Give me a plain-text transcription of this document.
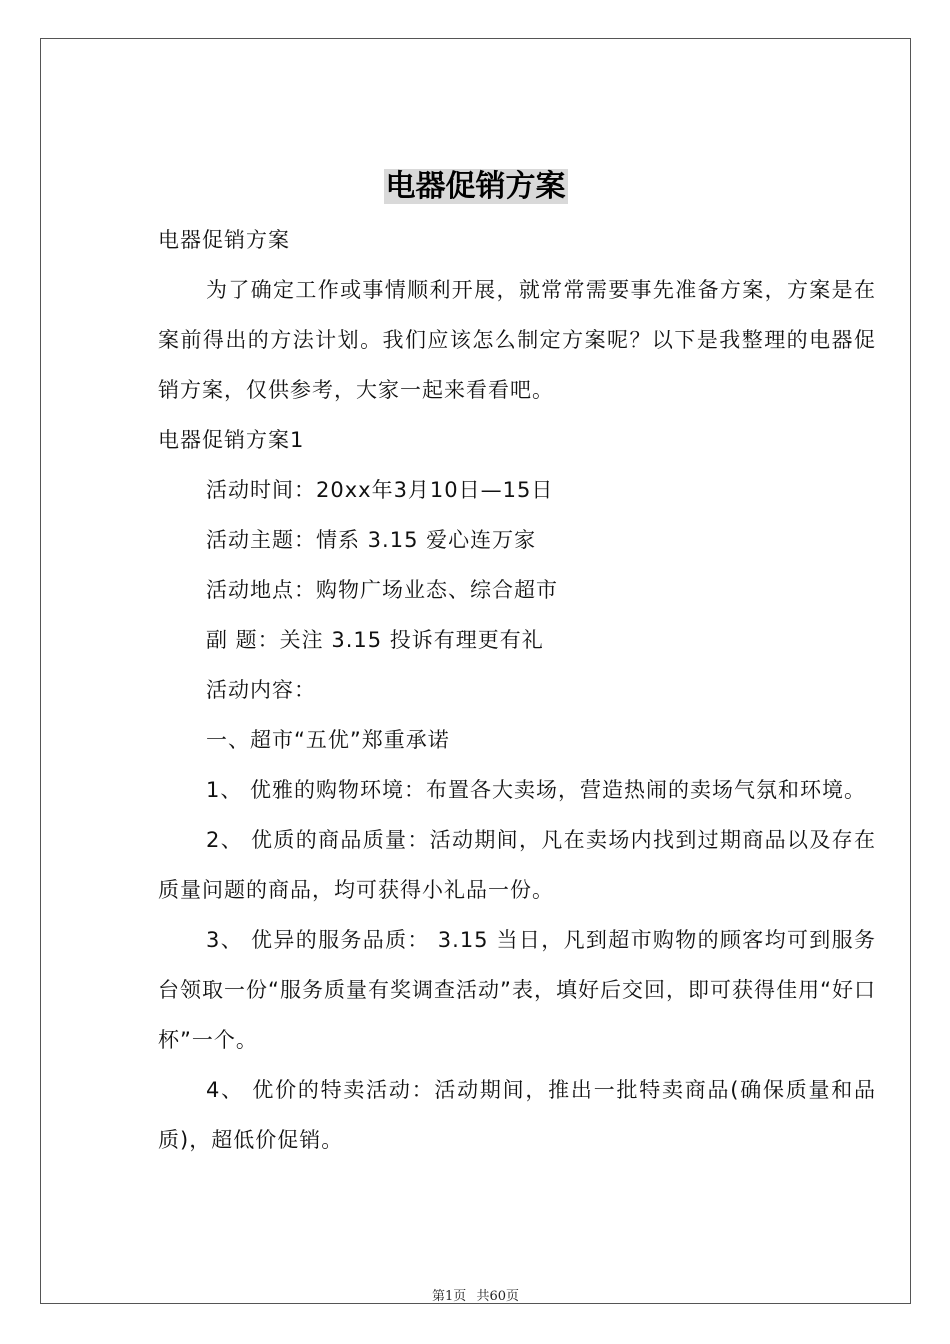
电器促销方案

电器促销方案

为了确定工作或事情顺利开展，就常常需要事先准备方案，方案是在案前得出的方法计划。我们应该怎么制定方案呢？以下是我整理的电器促销方案，仅供参考，大家一起来看看吧。

电器促销方案1

活动时间：20xx年3月10日—15日

活动主题：情系 3.15 爱心连万家

活动地点：购物广场业态、综合超市

副 题：关注 3.15 投诉有理更有礼

活动内容：

一、超市“五优”郑重承诺

1、 优雅的购物环境：布置各大卖场，营造热闹的卖场气氛和环境。

2、 优质的商品质量：活动期间，凡在卖场内找到过期商品以及存在质量问题的商品，均可获得小礼品一份。

3、 优异的服务品质： 3.15 当日，凡到超市购物的顾客均可到服务台领取一份“服务质量有奖调查活动”表，填好后交回，即可获得佳用“好口杯”一个。

4、 优价的特卖活动：活动期间，推出一批特卖商品(确保质量和品质)，超低价促销。

第1页 共60页
